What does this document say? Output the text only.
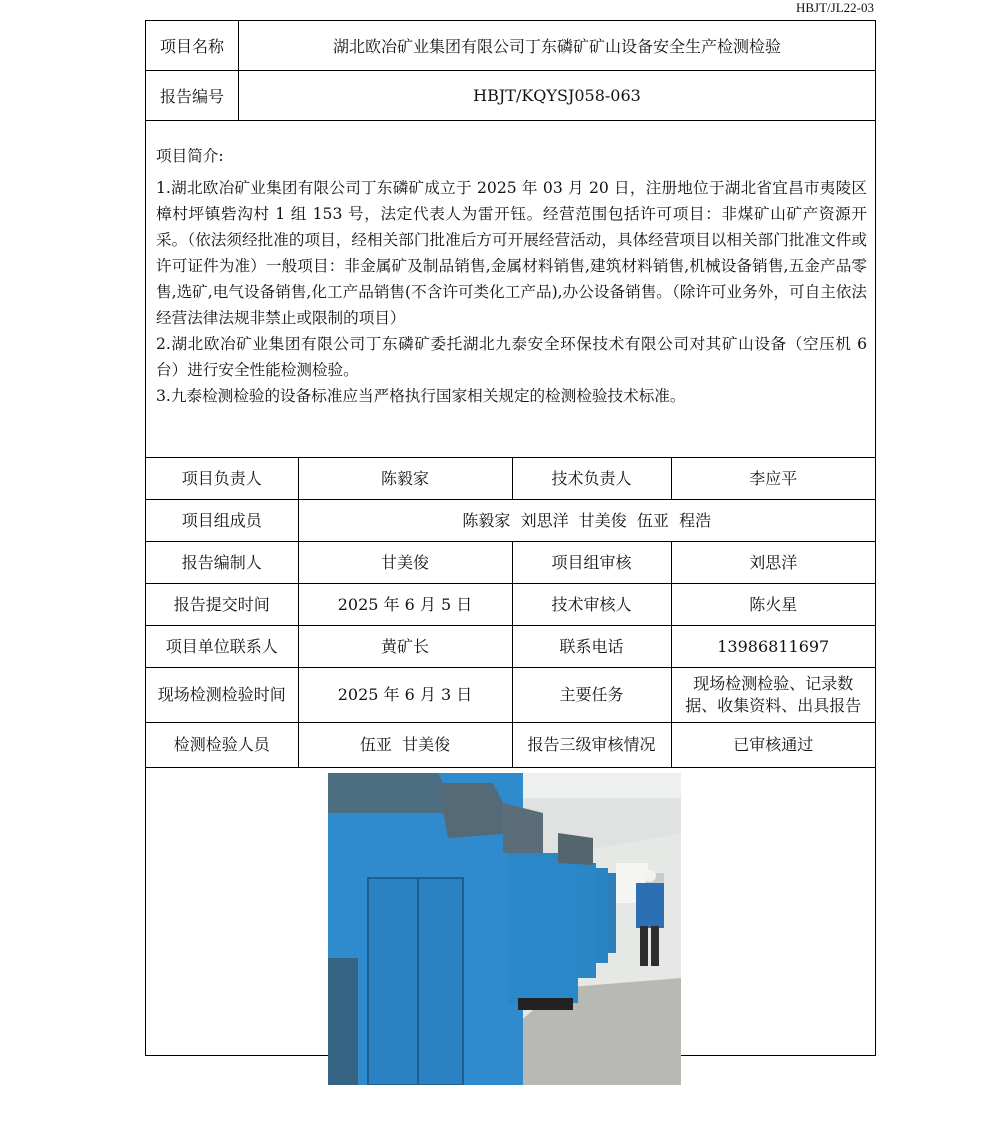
HBJT/JL22-03
项目名称	湖北欧冶矿业集团有限公司丁东磷矿矿山设备安全生产检测检验
报告编号	HBJT/KQYSJ058-063

项目简介:

1.湖北欧冶矿业集团有限公司丁东磷矿成立于 2025 年 03 月 20 日，注册地位于湖北省宜昌市夷陵区樟村坪镇砦沟村 1 组 153 号，法定代表人为雷开钰。经营范围包括许可项目：非煤矿山矿产资源开采。（依法须经批准的项目，经相关部门批准后方可开展经营活动，具体经营项目以相关部门批准文件或许可证件为准）一般项目：非金属矿及制品销售,金属材料销售,建筑材料销售,机械设备销售,五金产品零售,选矿,电气设备销售,化工产品销售(不含许可类化工产品),办公设备销售。（除许可业务外，可自主依法经营法律法规非禁止或限制的项目）

2.湖北欧冶矿业集团有限公司丁东磷矿委托湖北九泰安全环保技术有限公司对其矿山设备（空压机 6 台）进行安全性能检测检验。

3.九泰检测检验的设备标准应当严格执行国家相关规定的检测检验技术标准。

项目负责人	陈毅家	技术负责人	李应平
项目组成员	陈毅家  刘思洋  甘美俊  伍亚  程浩		
报告编制人	甘美俊	项目组审核	刘思洋
报告提交时间	2025 年 6 月 5 日	技术审核人	陈火星
项目单位联系人	黄矿长	联系电话	13986811697
现场检测检验时间	2025 年 6 月 3 日	主要任务	现场检测检验、记录数据、收集资料、出具报告
检测检验人员	伍亚  甘美俊	报告三级审核情况	已审核通过
